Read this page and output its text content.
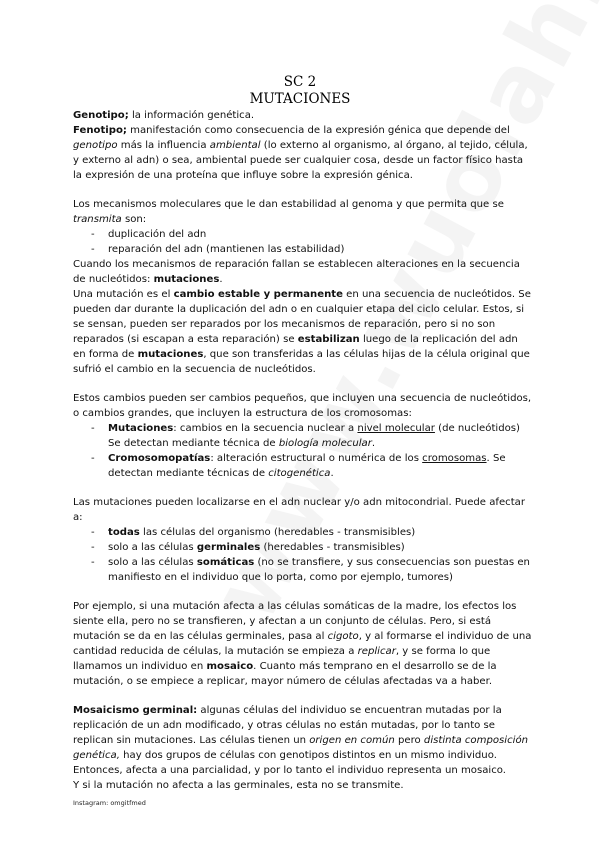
SC 2
MUTACIONES

Genotipo; la información genética.

Fenotipo; manifestación como consecuencia de la expresión génica que depende del genotipo más la influencia ambiental (lo externo al organismo, al órgano, al tejido, célula, y externo al adn) o sea, ambiental puede ser cualquier cosa, desde un factor físico hasta la expresión de una proteína que influye sobre la expresión génica.

Los mecanismos moleculares que le dan estabilidad al genoma y que permita que se transmita son:

- duplicación del adn
- reparación del adn (mantienen las estabilidad)

Cuando los mecanismos de reparación fallan se establecen alteraciones en la secuencia de nucleótidos: mutaciones.

Una mutación es el cambio estable y permanente en una secuencia de nucleótidos. Se pueden dar durante la duplicación del adn o en cualquier etapa del ciclo celular. Estos, si se sensan, pueden ser reparados por los mecanismos de reparación, pero si no son reparados (si escapan a esta reparación) se estabilizan luego de la replicación del adn en forma de mutaciones, que son transferidas a las células hijas de la célula original que sufrió el cambio en la secuencia de nucleótidos.

Estos cambios pueden ser cambios pequeños, que incluyen una secuencia de nucleótidos, o cambios grandes, que incluyen la estructura de los cromosomas:

- Mutaciones: cambios en la secuencia nuclear a nivel molecular (de nucleótidos) Se detectan mediante técnica de biología molecular.
- Cromosomopatías: alteración estructural o numérica de los cromosomas. Se detectan mediante técnicas de citogenética.

Las mutaciones pueden localizarse en el adn nuclear y/o adn mitocondrial. Puede afectar a:

- todas las células del organismo (heredables - transmisibles)
- solo a las células germinales (heredables - transmisibles)
- solo a las células somáticas (no se transfiere, y sus consecuencias son puestas en manifiesto en el individuo que lo porta, como por ejemplo, tumores)

Por ejemplo, si una mutación afecta a las células somáticas de la madre, los efectos los siente ella, pero no se transfieren, y afectan a un conjunto de células. Pero, si está mutación se da en las células germinales, pasa al cigoto, y al formarse el individuo de una cantidad reducida de células, la mutación se empieza a replicar, y se forma lo que llamamos un individuo en mosaico. Cuanto más temprano en el desarrollo se de la mutación, o se empiece a replicar, mayor número de células afectadas va a haber.

Mosaicismo germinal: algunas células del individuo se encuentran mutadas por la replicación de un adn modificado, y otras células no están mutadas, por lo tanto se replican sin mutaciones. Las células tienen un origen en común pero distinta composición genética, hay dos grupos de células con genotipos distintos en un mismo individuo.

Entonces, afecta a una parcialidad, y por lo tanto el individuo representa un mosaico.

Y si la mutación no afecta a las germinales, esta no se transmite.

Instagram: omgitfmed
